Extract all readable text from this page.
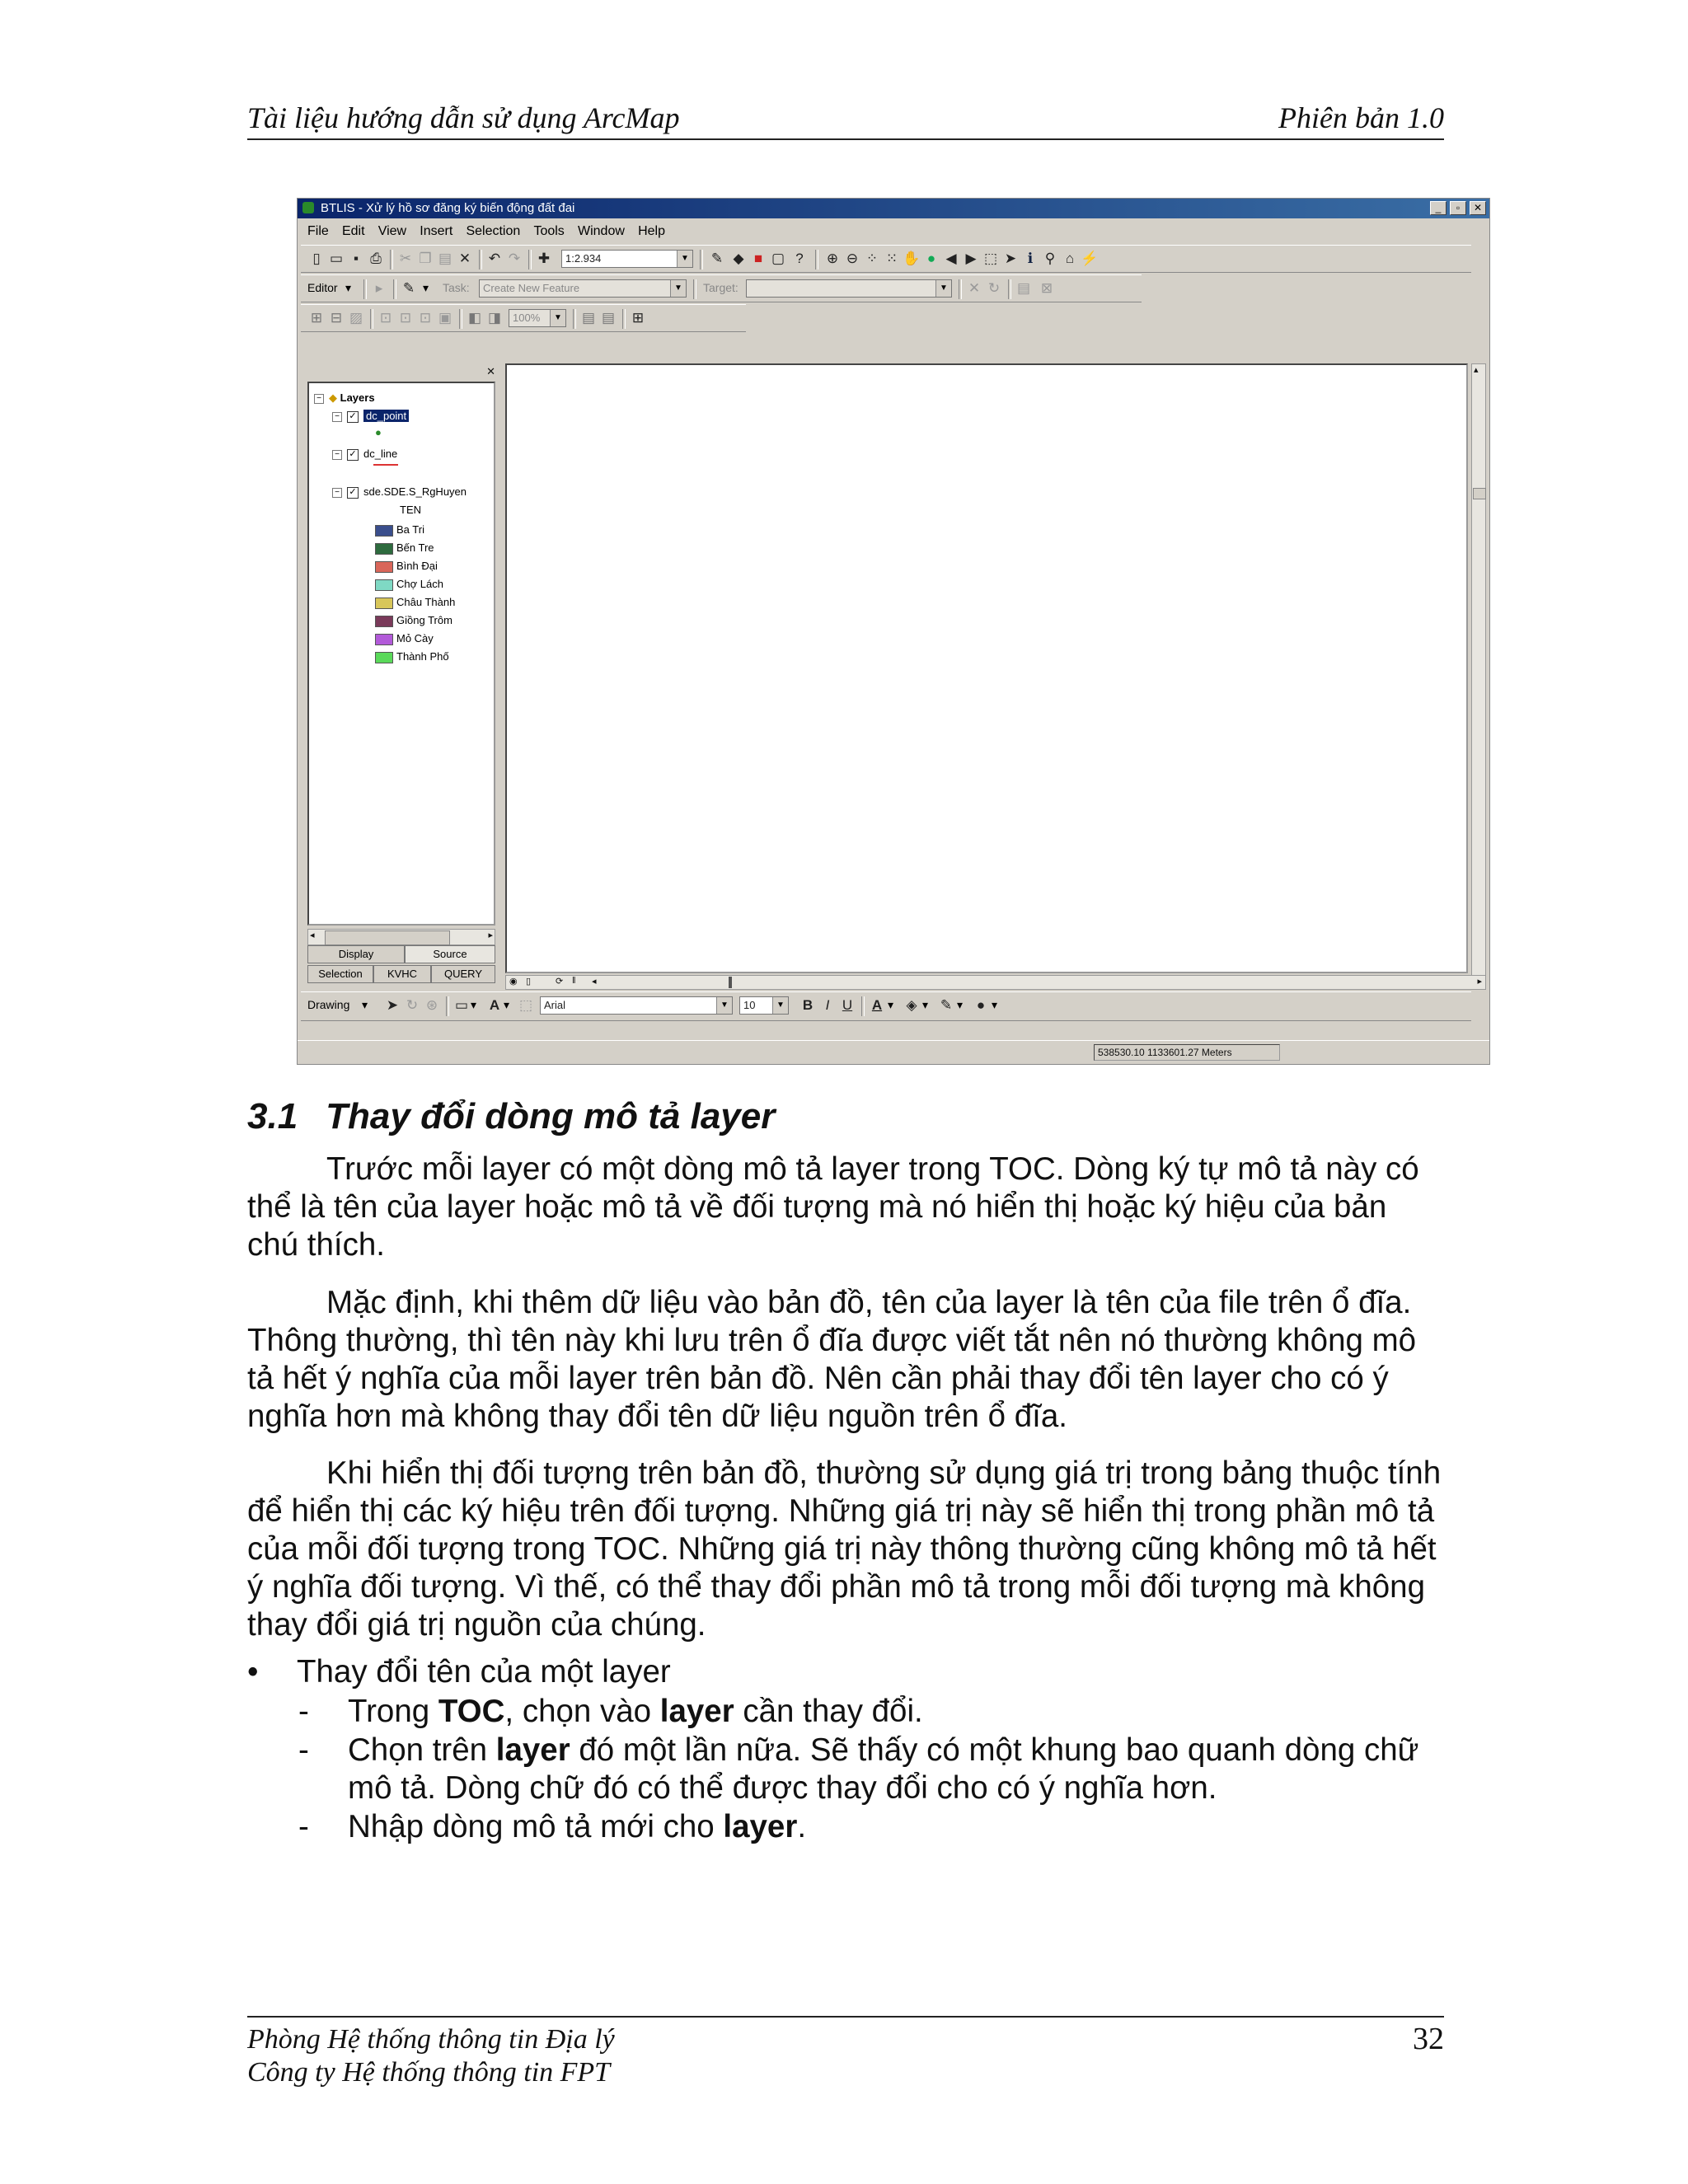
Tài liệu hướng dẫn sử dụng ArcMap	Phiên bản 1.0
BTLIS - Xử lý hồ sơ đăng ký biến động đất đai	_	▫	✕
File Edit View Insert Selection Tools Window Help
▯ ▭ ▪ ⎙ ✂ ❐ ▤ ✕ ↶ ↷ ✚	1:2.934	▼ ✎ ◆ ■ ▢ ?	⊕ ⊖ ⁘ ⁙ ✋ ● ◀ ▶ ⬚ ➤ ℹ ⚲ ⌂ ⚡
Editor ▾	▸	✎ ▾ Task:	Create New Feature	▼ Target:	▼ ✕ ↻ ▤ ⊠
⊞ ⊟ ▨ ⊡ ⊡ ⊡ ▣ ◧ ◨	100%	▼ ▤ ▤ ⊞
✕
− ◆ Layers
− ✓ dc_point
●
− ✓ dc_line
− ✓ sde.SDE.S_RgHuyen
TEN
Ba Tri
Bến Tre
Bình Đại
Chợ Lách
Châu Thành
Giồng Trôm
Mỏ Cày
Thành Phố
◂	▸
Display	Source
Selection	KVHC	QUERY
▴
◉ ▯	⟳ ‖ ◂	▸
Drawing ▾ ➤ ↻ ⊛ ▭ ▾ A ▾ ⬚	Arial	▼	10	▼ B I U A ▾ ◈ ▾ ✎ ▾ ● ▾
538530.10 1133601.27 Meters
3.1 Thay đổi dòng mô tả layer
Trước mỗi layer có một dòng mô tả layer trong TOC. Dòng ký tự mô tả này có thể là tên của layer hoặc mô tả về đối tượng mà nó hiển thị hoặc ký hiệu của bản chú thích.
Mặc định, khi thêm dữ liệu vào bản đồ, tên của layer là tên của file trên ổ đĩa. Thông thường, thì tên này khi lưu trên ổ đĩa được viết tắt nên nó thường không mô tả hết ý nghĩa của mỗi layer trên bản đồ. Nên cần phải thay đổi tên layer cho có ý nghĩa hơn mà không thay đổi tên dữ liệu nguồn trên ổ đĩa.
Khi hiển thị đối tượng trên bản đồ, thường sử dụng giá trị trong bảng thuộc tính để hiển thị các ký hiệu trên đối tượng. Những giá trị này sẽ hiển thị trong phần mô tả của mỗi đối tượng trong TOC. Những giá trị này thông thường cũng không mô tả hết ý nghĩa đối tượng. Vì thế, có thể thay đổi phần mô tả trong mỗi đối tượng mà không thay đổi giá trị nguồn của chúng.
• Thay đổi tên của một layer
- Trong TOC, chọn vào layer cần thay đổi.
- Chọn trên layer đó một lần nữa. Sẽ thấy có một khung bao quanh dòng chữ mô tả. Dòng chữ đó có thể được thay đổi cho có ý nghĩa hơn.
- Nhập dòng mô tả mới cho layer.
Phòng Hệ thống thông tin Địa lý
Công ty Hệ thống thông tin FPT
32
